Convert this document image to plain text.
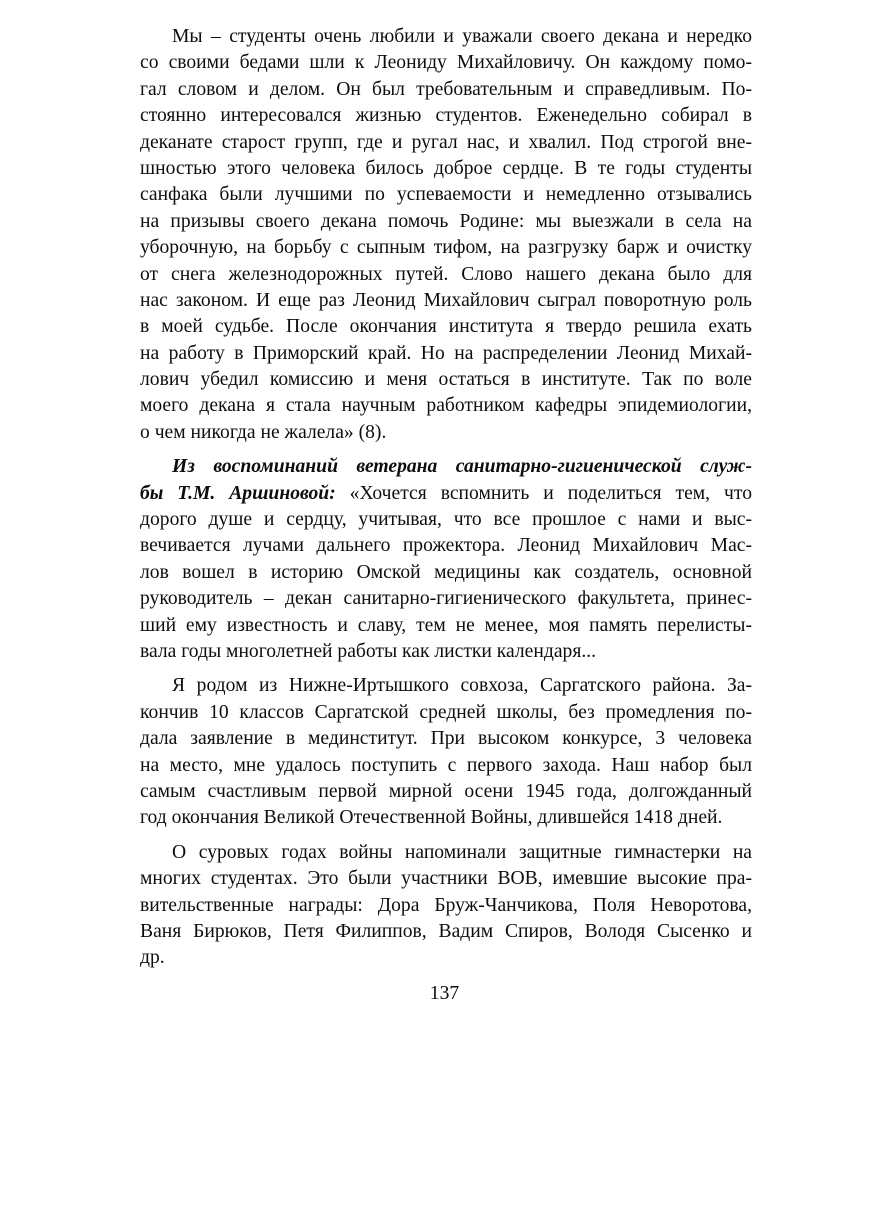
Мы – студенты очень любили и уважали своего декана и нередко
со своими бедами шли к Леониду Михайловичу. Он каждому помо-
гал словом и делом. Он был требовательным и справедливым. По-
стоянно интересовался жизнью студентов. Еженедельно собирал в
деканате старост групп, где и ругал нас, и хвалил. Под строгой вне-
шностью этого человека билось доброе сердце. В те годы студенты
санфака были лучшими по успеваемости и немедленно отзывались
на призывы своего декана помочь Родине: мы выезжали в села на
уборочную, на борьбу с сыпным тифом, на разгрузку барж и очистку
от снега железнодорожных путей. Слово нашего декана было для
нас законом. И еще раз Леонид Михайлович сыграл поворотную роль
в моей судьбе. После окончания института я твердо решила ехать
на работу в Приморский край. Но на распределении Леонид Михай-
лович убедил комиссию и меня остаться в институте. Так по воле
моего декана я стала научным работником кафедры эпидемиологии,
о чем никогда не жалела» (8).
Из воспоминаний ветерана санитарно-гигиенической служ-
бы Т.М. Аршиновой: «Хочется вспомнить и поделиться тем, что
дорого душе и сердцу, учитывая, что все прошлое с нами и выс-
вечивается лучами дальнего прожектора. Леонид Михайлович Мас-
лов вошел в историю Омской медицины как создатель, основной
руководитель – декан санитарно-гигиенического факультета, принес-
ший ему известность и славу, тем не менее, моя память перелисты-
вала годы многолетней работы как листки календаря...
Я родом из Нижне-Иртышкого совхоза, Саргатского района. За-
кончив 10 классов Саргатской средней школы, без промедления по-
дала заявление в мединститут. При высоком конкурсе, 3 человека
на место, мне удалось поступить с первого захода. Наш набор был
самым счастливым первой мирной осени 1945 года, долгожданный
год окончания Великой Отечественной Войны, длившейся 1418 дней.
О суровых годах войны напоминали защитные гимнастерки на
многих студентах. Это были участники ВОВ, имевшие высокие пра-
вительственные награды: Дора Бруж-Чанчикова, Поля Неворотова,
Ваня Бирюков, Петя Филиппов, Вадим Спиров, Володя Сысенко и
др.
137
